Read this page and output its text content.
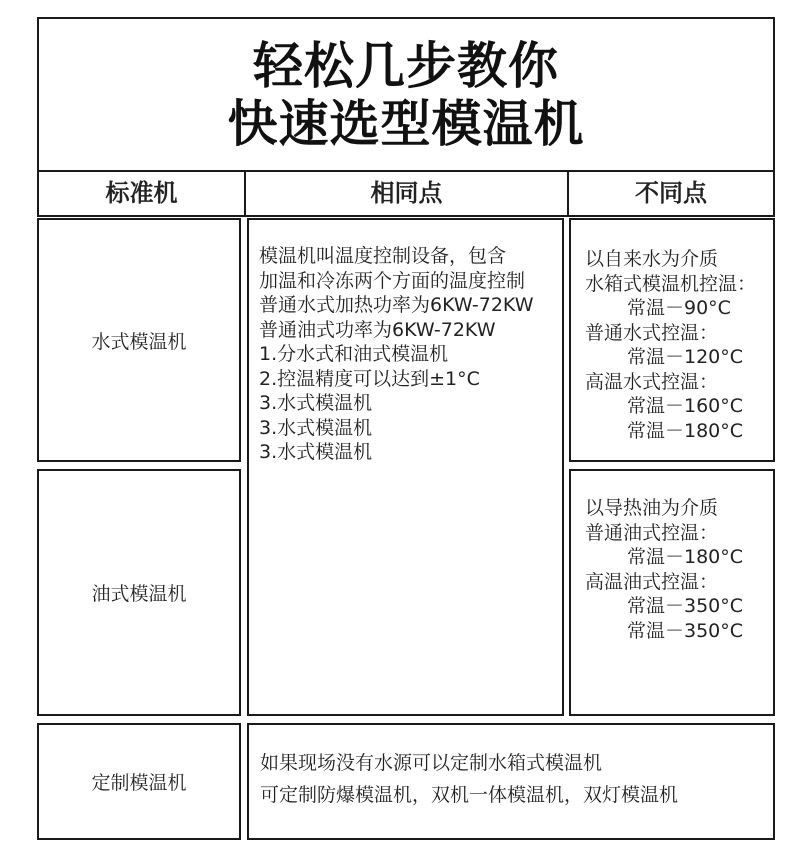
轻松几步教你
快速选型模温机
标准机	相同点	不同点
水式模温机
油式模温机
定制模温机
模温机叫温度控制设备，包含
加温和冷冻两个方面的温度控制
普通水式加热功率为6KW-72KW
普通油式功率为6KW-72KW
1.分水式和油式模温机
2.控温精度可以达到±1°C
3.水式模温机
3.水式模温机
3.水式模温机
以自来水为介质
水箱式模温机控温：
常温－90°C
普通水式控温：
常温－120°C
高温水式控温：
常温－160°C
常温－180°C
以导热油为介质
普通油式控温：
常温－180°C
高温油式控温：
常温－350°C
常温－350°C
如果现场没有水源可以定制水箱式模温机
可定制防爆模温机，双机一体模温机，双灯模温机
